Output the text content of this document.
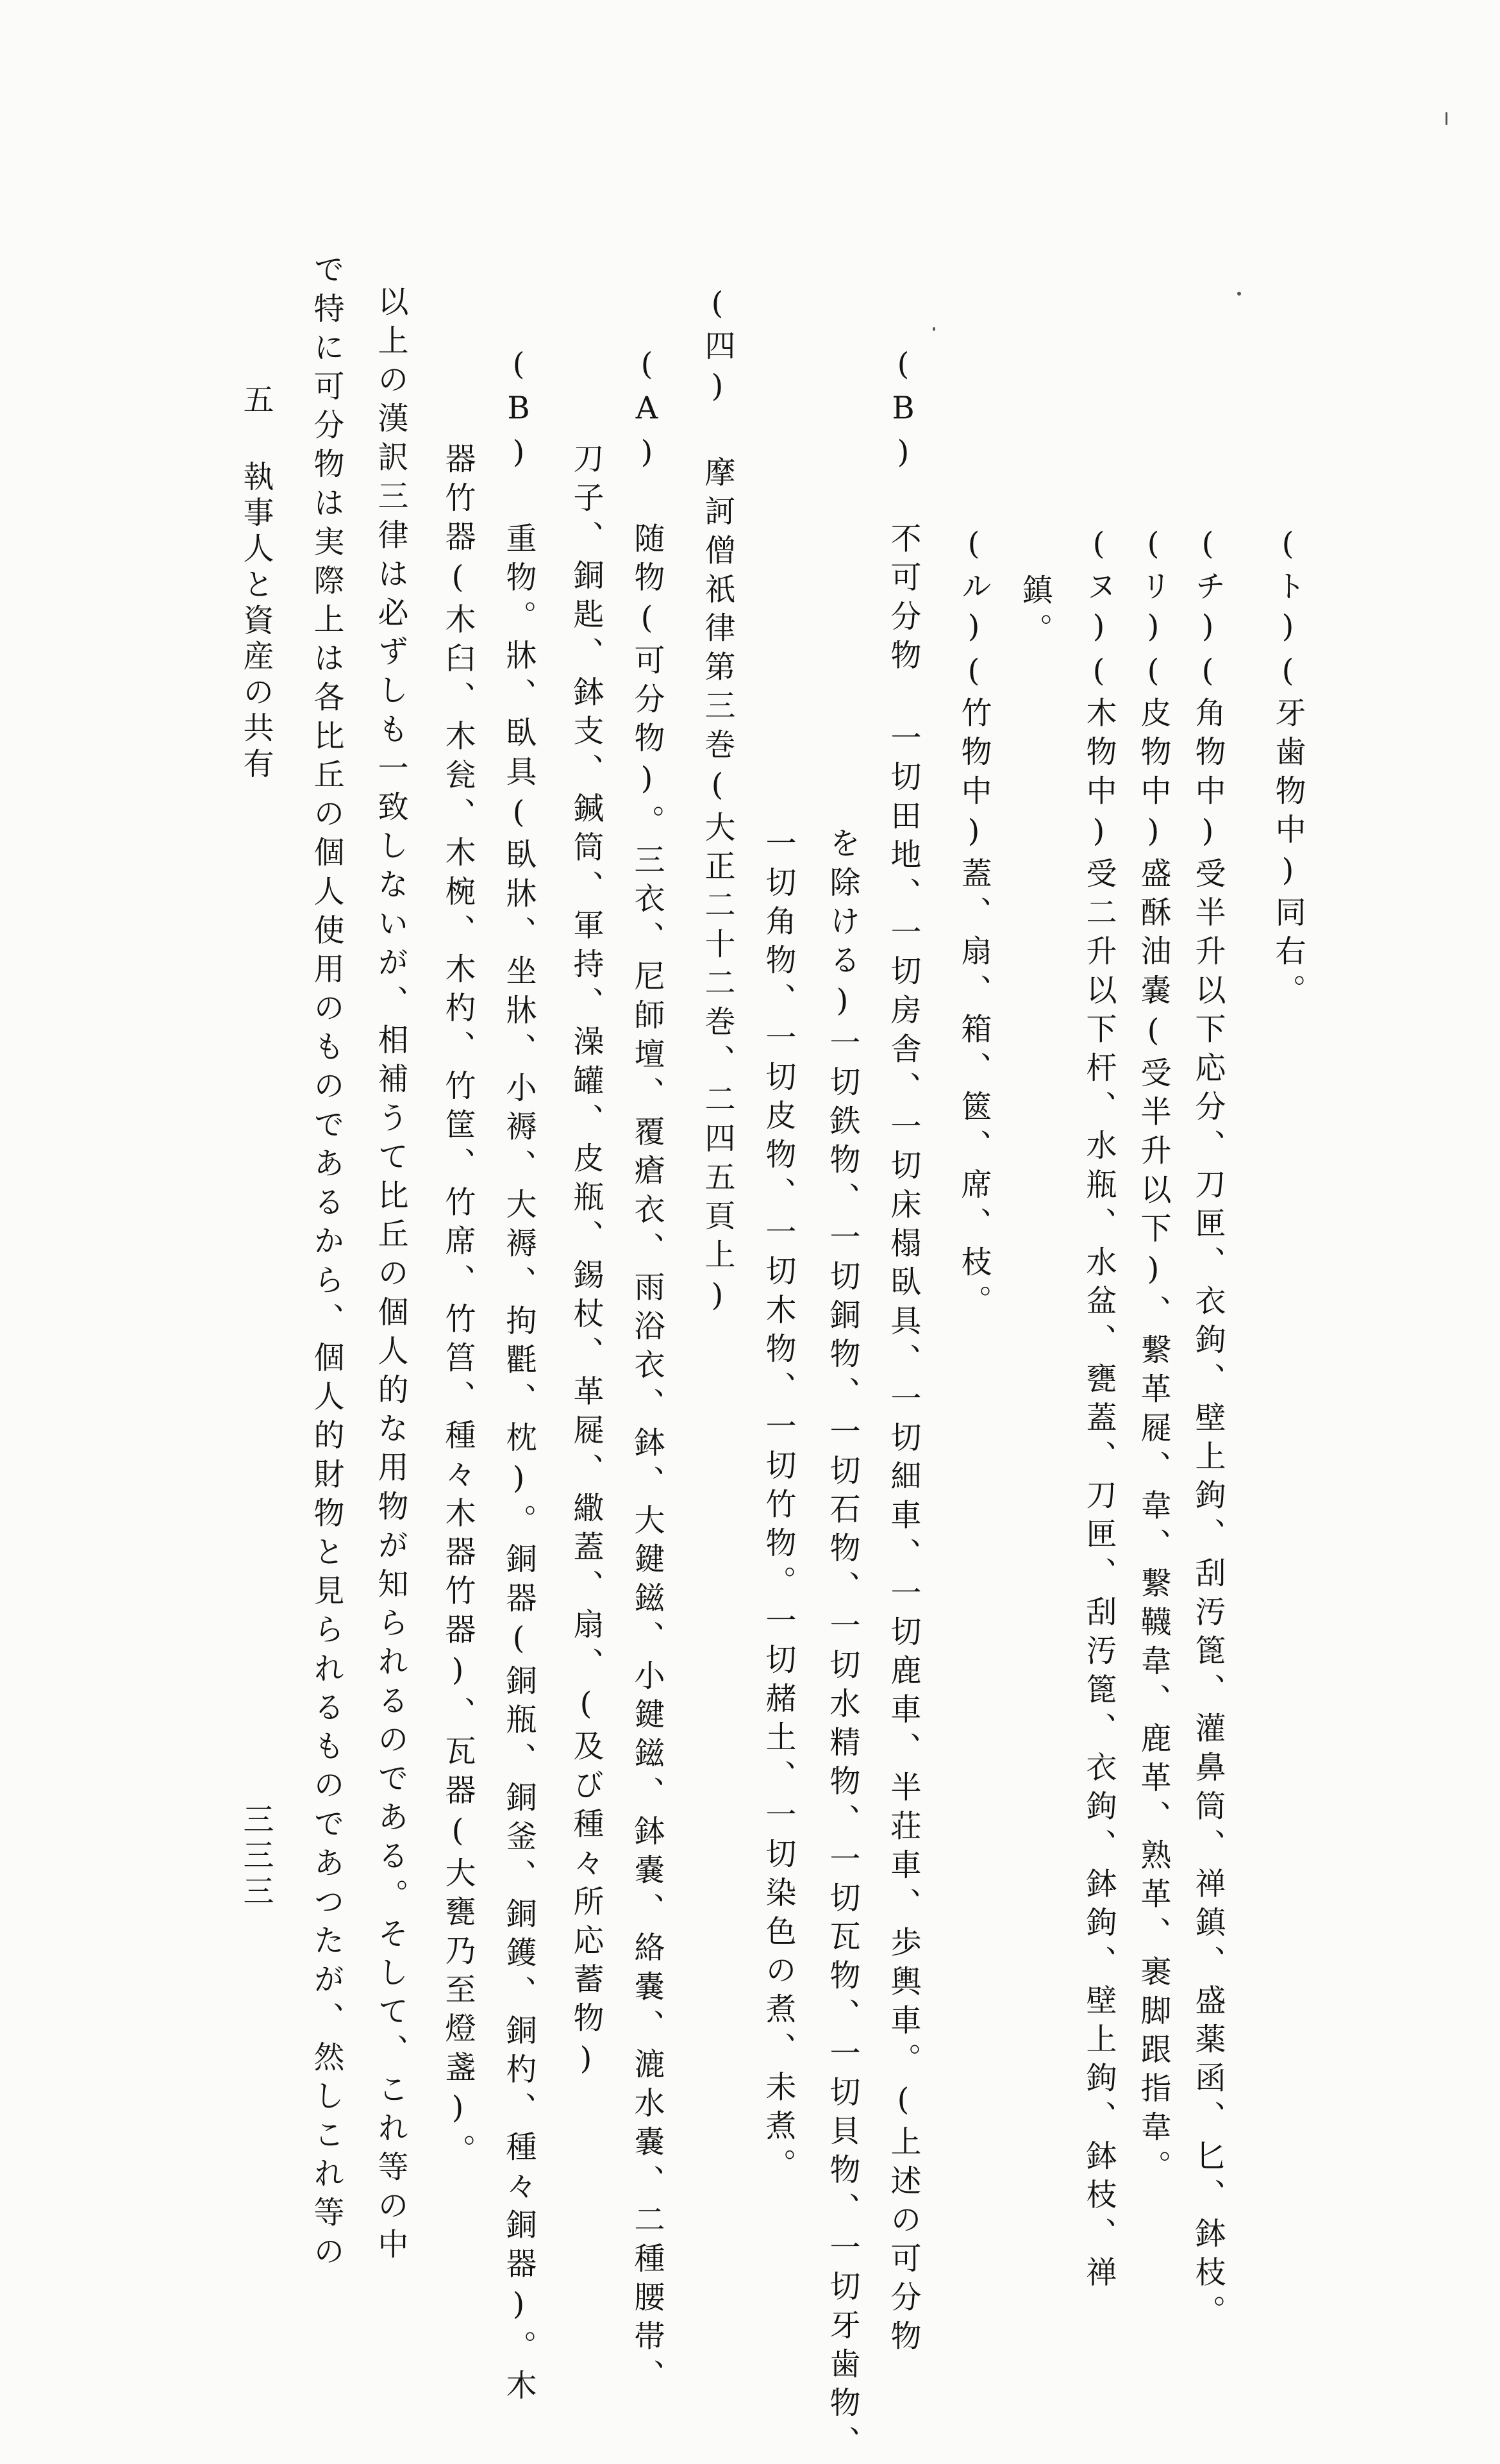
(ト)(牙歯物中)同右。
(チ)(角物中)受半升以下応分、刀匣、衣鉤、壁上鉤、刮汚篦、灌鼻筒、禅鎮、盛薬函、匕、鉢枝。
(リ)(皮物中)盛酥油嚢(受半升以下)、繋革屣、韋、繋韈韋、鹿革、熟革、裹脚跟指韋。
(ヌ)(木物中)受二升以下杆、水瓶、水盆、甕蓋、刀匣、刮汚篦、衣鉤、鉢鉤、壁上鉤、鉢枝、禅
鎮。
(ル)(竹物中)蓋、扇、箱、篋、席、枝。
(B) 不可分物 一切田地、一切房舎、一切床榻臥具、一切細車、一切鹿車、半荘車、歩輿車。(上述の可分物
を除ける)一切鉄物、一切銅物、一切石物、一切水精物、一切瓦物、一切貝物、一切牙歯物、
一切角物、一切皮物、一切木物、一切竹物。一切赭土、一切染色の煮、未煮。
(四) 摩訶僧祇律第三巻(大正二十二巻、二四五頁上)
(A) 随物(可分物)。三衣、尼師壇、覆瘡衣、雨浴衣、鉢、大鍵鎡、小鍵鎡、鉢嚢、絡嚢、漉水嚢、二種腰帯、
刀子、銅匙、鉢支、鍼筒、軍持、澡罐、皮瓶、錫杖、革屣、繖蓋、扇、(及び種々所応蓄物)
(B) 重物。牀、臥具(臥牀、坐牀、小褥、大褥、拘氍、枕)。銅器(銅瓶、銅釜、銅鑊、銅杓、種々銅器)。木
器竹器(木臼、木瓮、木椀、木杓、竹筐、竹席、竹筥、種々木器竹器)、瓦器(大甕乃至燈盞)。
以上の漢訳三律は必ずしも一致しないが、相補うて比丘の個人的な用物が知られるのである。そして、これ等の中
で特に可分物は実際上は各比丘の個人使用のものであるから、個人的財物と見られるものであつたが、然しこれ等の
五 執事人と資産の共有
三三三
